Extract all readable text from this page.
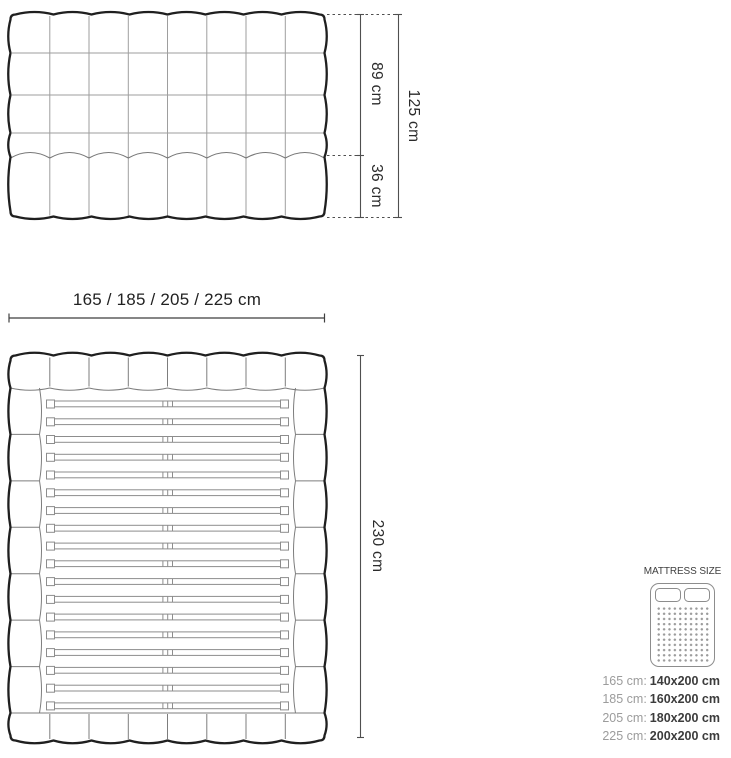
89 cm
36 cm
125 cm
230 cm
165 / 185 / 205 / 225 cm
MATTRESS SIZE
165 cm: 140x200 cm
185 cm: 160x200 cm
205 cm: 180x200 cm
225 cm: 200x200 cm
